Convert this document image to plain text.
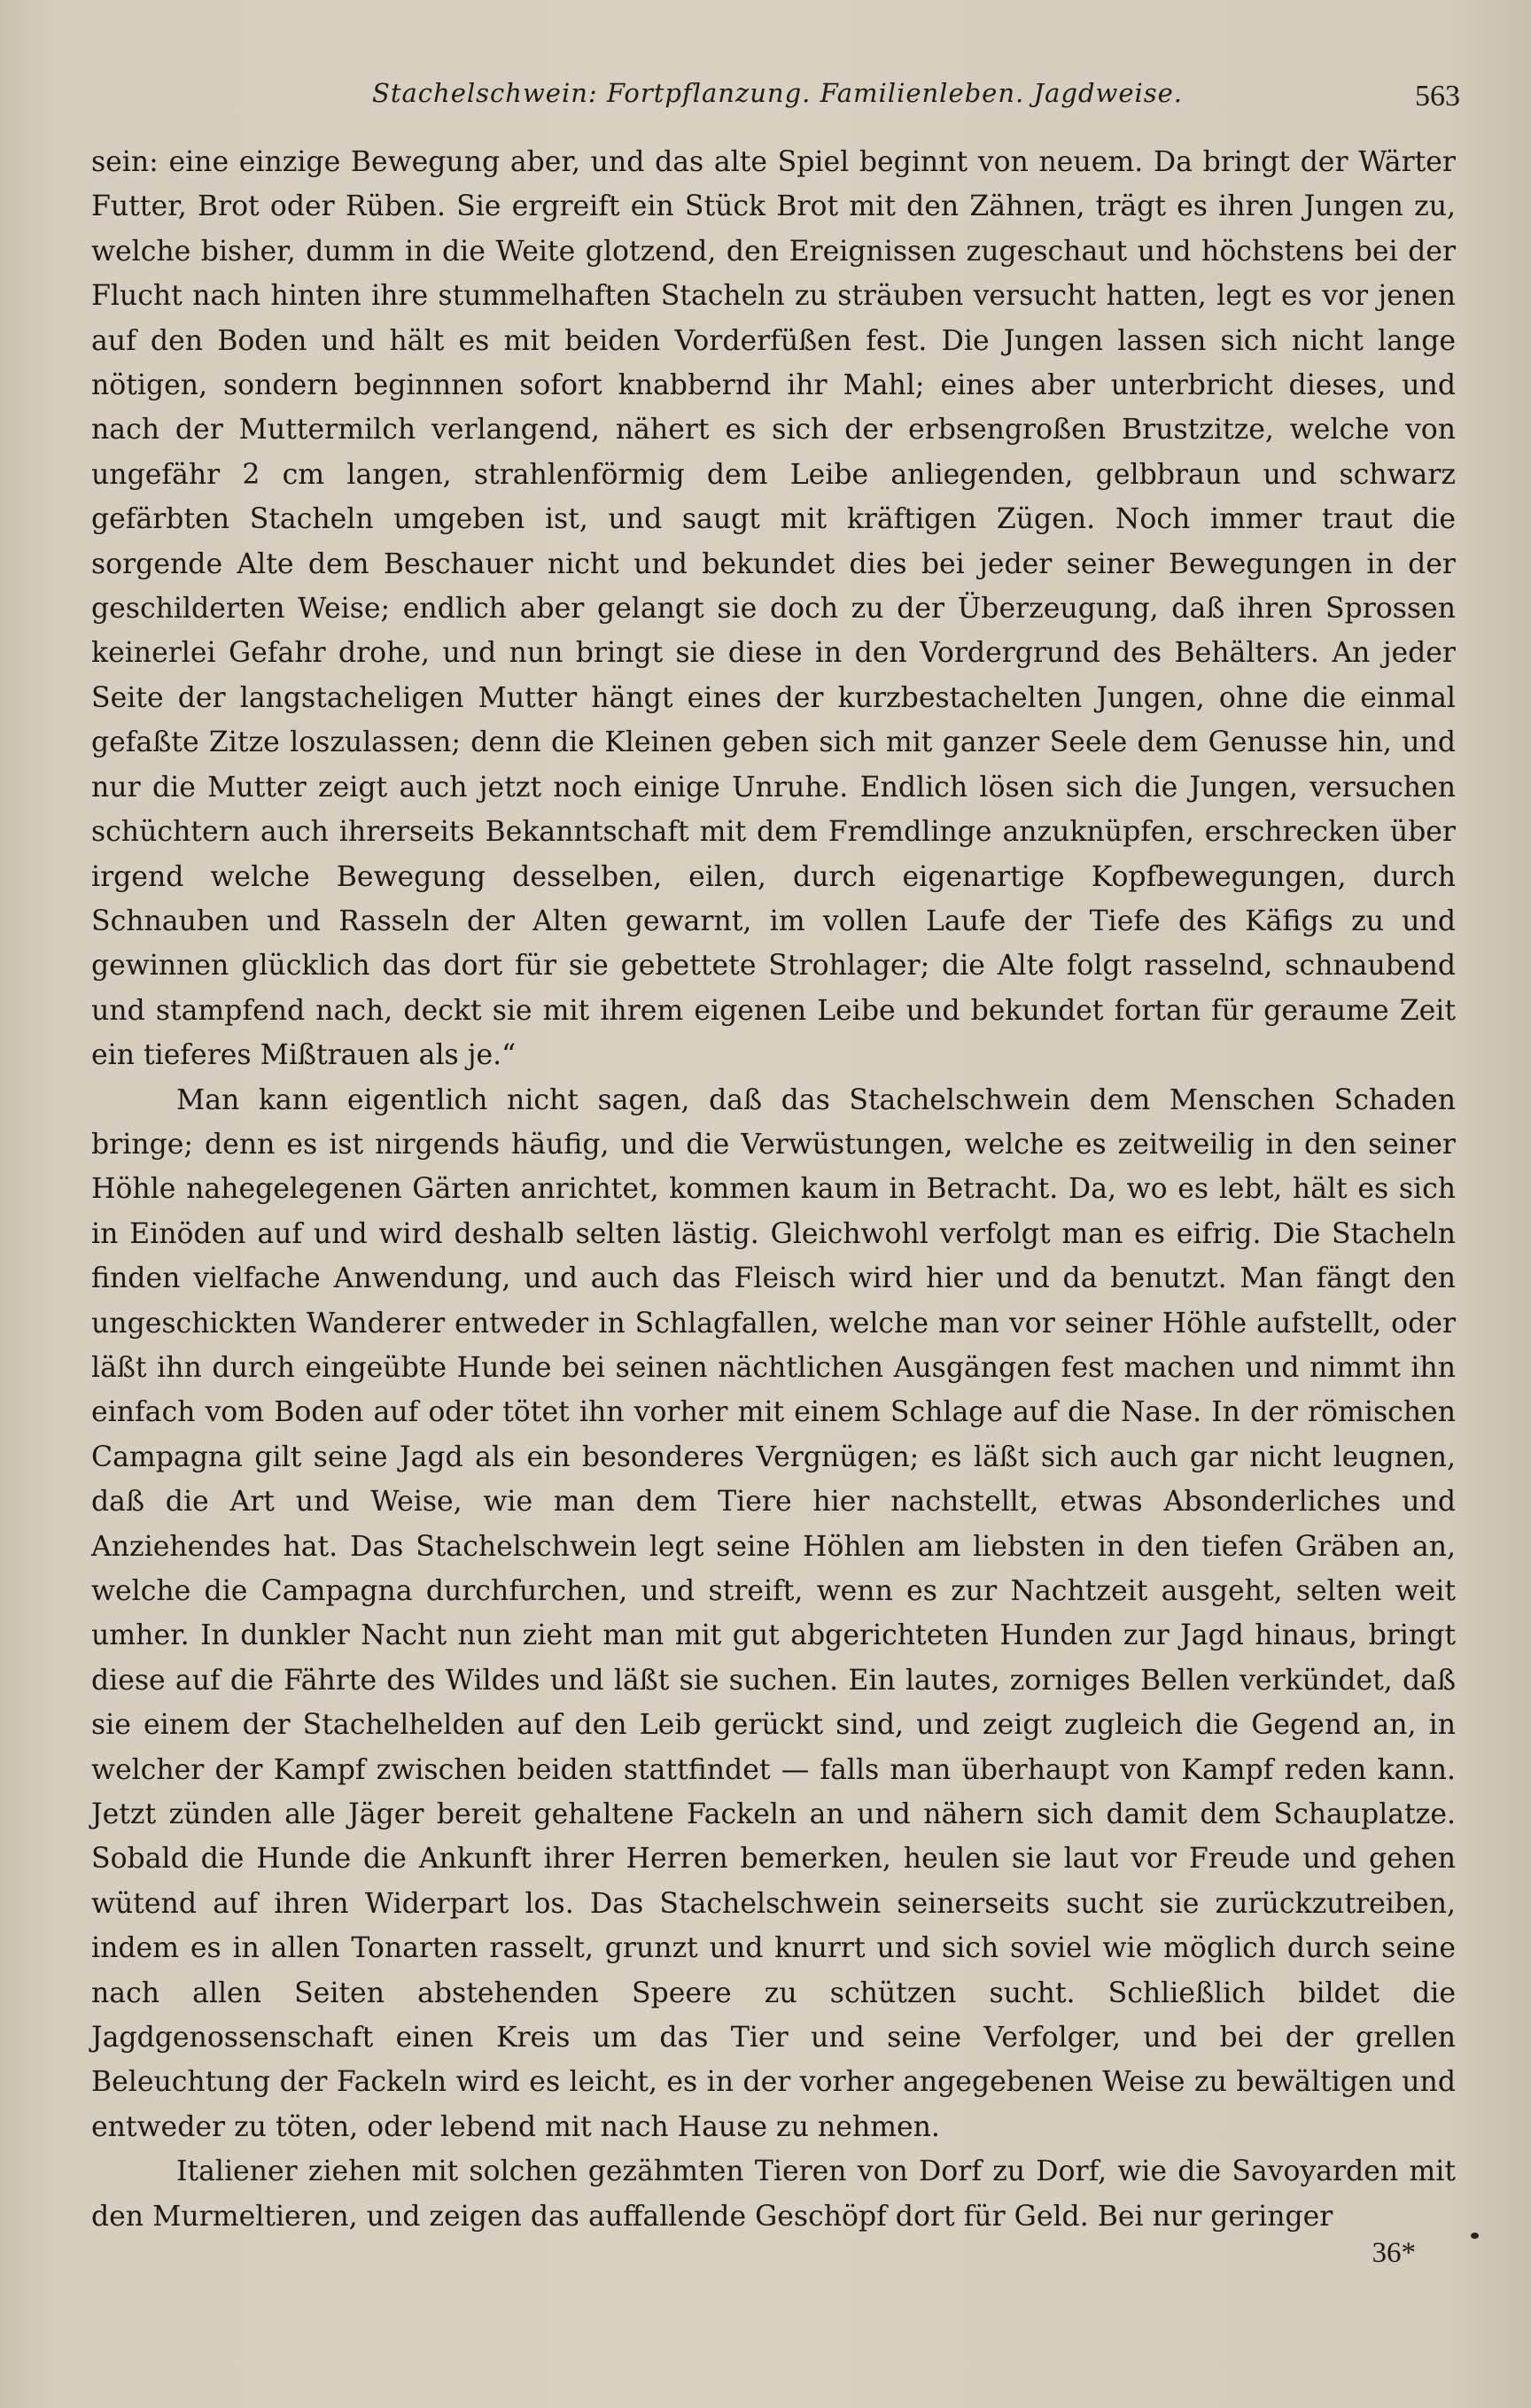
Stachelschwein: Fortpflanzung. Familienleben. Jagdweise.	563

sein: eine einzige Bewegung aber, und das alte Spiel beginnt von neuem. Da bringt der Wärter Futter, Brot oder Rüben. Sie ergreift ein Stück Brot mit den Zähnen, trägt es ihren Jungen zu, welche bisher, dumm in die Weite glotzend, den Ereignissen zugeschaut und höchstens bei der Flucht nach hinten ihre stummelhaften Stacheln zu sträuben versucht hatten, legt es vor jenen auf den Boden und hält es mit beiden Vorderfüßen fest. Die Jungen lassen sich nicht lange nötigen, sondern beginnnen sofort knabbernd ihr Mahl; eines aber unterbricht dieses, und nach der Muttermilch verlangend, nähert es sich der erbsengroßen Brustzitze, welche von ungefähr 2 cm langen, strahlenförmig dem Leibe anliegenden, gelbbraun und schwarz gefärbten Stacheln umgeben ist, und saugt mit kräftigen Zügen. Noch immer traut die sorgende Alte dem Beschauer nicht und bekundet dies bei jeder seiner Bewegungen in der geschilderten Weise; endlich aber gelangt sie doch zu der Überzeugung, daß ihren Sprossen keinerlei Gefahr drohe, und nun bringt sie diese in den Vordergrund des Behälters. An jeder Seite der langstacheligen Mutter hängt eines der kurzbestachelten Jungen, ohne die einmal gefaßte Zitze loszulassen; denn die Kleinen geben sich mit ganzer Seele dem Genusse hin, und nur die Mutter zeigt auch jetzt noch einige Unruhe. Endlich lösen sich die Jungen, versuchen schüchtern auch ihrerseits Bekanntschaft mit dem Fremdlinge anzuknüpfen, erschrecken über irgend welche Bewegung desselben, eilen, durch eigenartige Kopfbewegungen, durch Schnauben und Rasseln der Alten gewarnt, im vollen Laufe der Tiefe des Käfigs zu und gewinnen glücklich das dort für sie gebettete Strohlager; die Alte folgt rasselnd, schnaubend und stampfend nach, deckt sie mit ihrem eigenen Leibe und bekundet fortan für geraume Zeit ein tieferes Mißtrauen als je.“

Man kann eigentlich nicht sagen, daß das Stachelschwein dem Menschen Schaden bringe; denn es ist nirgends häufig, und die Verwüstungen, welche es zeitweilig in den seiner Höhle nahegelegenen Gärten anrichtet, kommen kaum in Betracht. Da, wo es lebt, hält es sich in Einöden auf und wird deshalb selten lästig. Gleichwohl verfolgt man es eifrig. Die Stacheln finden vielfache Anwendung, und auch das Fleisch wird hier und da benutzt. Man fängt den ungeschickten Wanderer entweder in Schlagfallen, welche man vor seiner Höhle aufstellt, oder läßt ihn durch eingeübte Hunde bei seinen nächtlichen Ausgängen fest machen und nimmt ihn einfach vom Boden auf oder tötet ihn vorher mit einem Schlage auf die Nase. In der römischen Campagna gilt seine Jagd als ein besonderes Vergnügen; es läßt sich auch gar nicht leugnen, daß die Art und Weise, wie man dem Tiere hier nachstellt, etwas Absonderliches und Anziehendes hat. Das Stachelschwein legt seine Höhlen am liebsten in den tiefen Gräben an, welche die Campagna durchfurchen, und streift, wenn es zur Nachtzeit ausgeht, selten weit umher. In dunkler Nacht nun zieht man mit gut abgerichteten Hunden zur Jagd hinaus, bringt diese auf die Fährte des Wildes und läßt sie suchen. Ein lautes, zorniges Bellen verkündet, daß sie einem der Stachelhelden auf den Leib gerückt sind, und zeigt zugleich die Gegend an, in welcher der Kampf zwischen beiden stattfindet — falls man überhaupt von Kampf reden kann. Jetzt zünden alle Jäger bereit gehaltene Fackeln an und nähern sich damit dem Schauplatze. Sobald die Hunde die Ankunft ihrer Herren bemerken, heulen sie laut vor Freude und gehen wütend auf ihren Widerpart los. Das Stachelschwein seinerseits sucht sie zurückzutreiben, indem es in allen Tonarten rasselt, grunzt und knurrt und sich soviel wie möglich durch seine nach allen Seiten abstehenden Speere zu schützen sucht. Schließlich bildet die Jagdgenossenschaft einen Kreis um das Tier und seine Verfolger, und bei der grellen Beleuchtung der Fackeln wird es leicht, es in der vorher angegebenen Weise zu bewältigen und entweder zu töten, oder lebend mit nach Hause zu nehmen.

Italiener ziehen mit solchen gezähmten Tieren von Dorf zu Dorf, wie die Savoyarden mit den Murmeltieren, und zeigen das auffallende Geschöpf dort für Geld. Bei nur geringer

36*
